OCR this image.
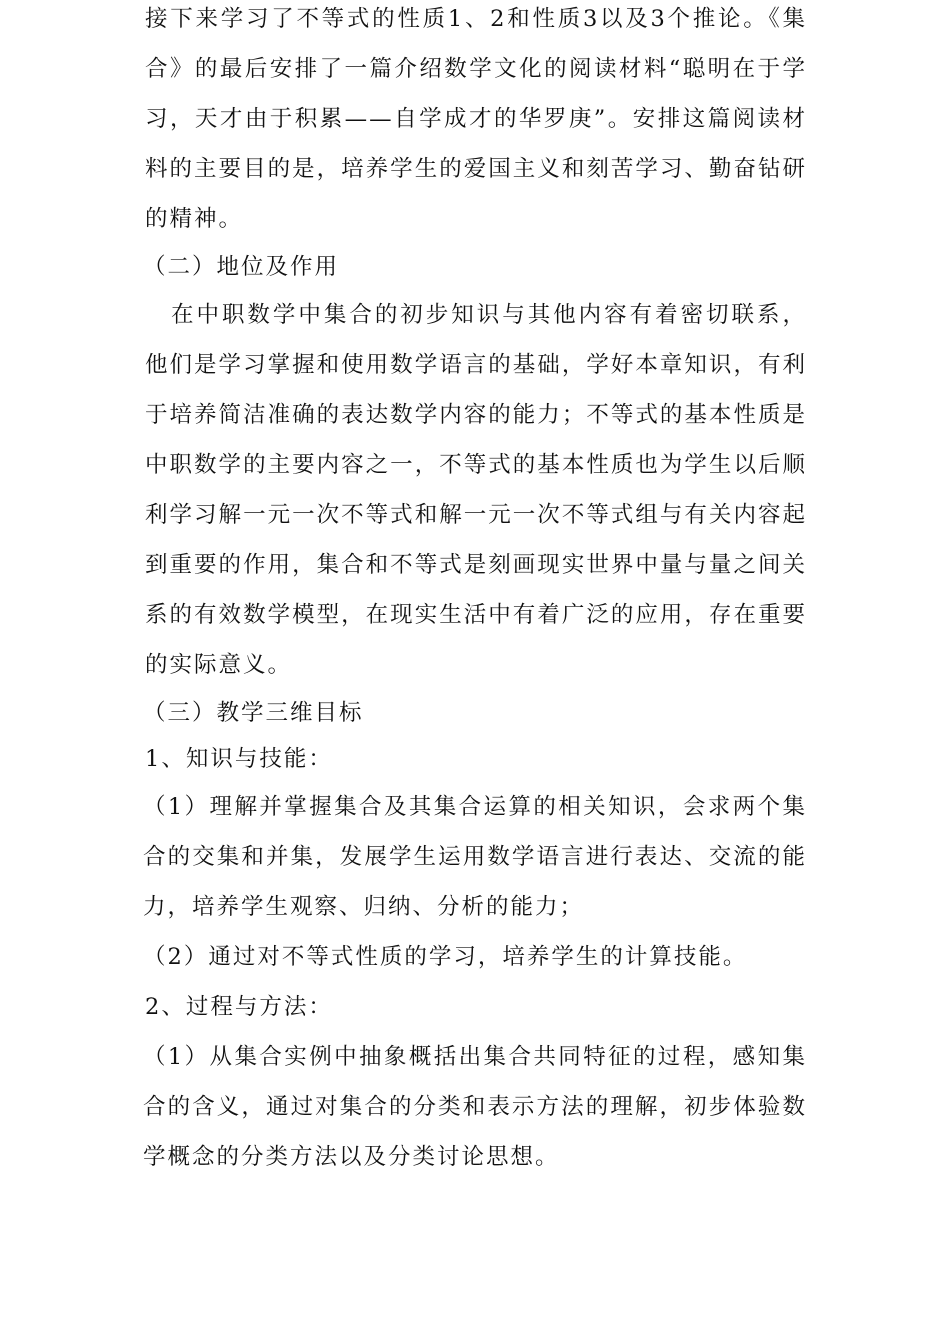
接下来学习了不等式的性质1、2和性质3以及3个推论。《集合》的最后安排了一篇介绍数学文化的阅读材料“聪明在于学习，天才由于积累——自学成才的华罗庚”。安排这篇阅读材料的主要目的是，培养学生的爱国主义和刻苦学习、勤奋钻研的精神。

（二）地位及作用

在中职数学中集合的初步知识与其他内容有着密切联系，他们是学习掌握和使用数学语言的基础，学好本章知识，有利于培养简洁准确的表达数学内容的能力；不等式的基本性质是中职数学的主要内容之一，不等式的基本性质也为学生以后顺利学习解一元一次不等式和解一元一次不等式组与有关内容起到重要的作用，集合和不等式是刻画现实世界中量与量之间关系的有效数学模型，在现实生活中有着广泛的应用，存在重要的实际意义。

（三）教学三维目标

1、知识与技能：

（1）理解并掌握集合及其集合运算的相关知识，会求两个集合的交集和并集，发展学生运用数学语言进行表达、交流的能力，培养学生观察、归纳、分析的能力；

（2）通过对不等式性质的学习，培养学生的计算技能。

2、过程与方法：

（1）从集合实例中抽象概括出集合共同特征的过程，感知集合的含义，通过对集合的分类和表示方法的理解，初步体验数学概念的分类方法以及分类讨论思想。
